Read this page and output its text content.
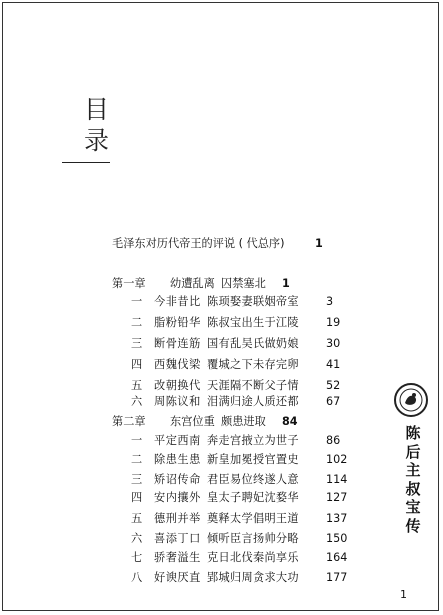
目
录
毛泽东对历代帝王的评说 ( 代总序)	1
第一章 幼遭乱离 囚禁塞北 1
一 今非昔比 陈顼娶妻联姻帝室 3
二 脂粉铅华 陈叔宝出生于江陵 19
三 断骨连筋 国有乱吴氏做奶娘 30
四 西魏伐梁 覆城之下未存完卵 41
五 改朝换代 天涯隔不断父子情 52
六 周陈议和 泪满归途人质还都 67
第二章 东宫位重 颇患进取 84
一 平定西南 奔走宫掖立为世子 86
二 除患生患 新皇加冕授官置史 102
三 矫诏传命 君臣易位终遂人意 114
四 安内攘外 皇太子聘妃沈婺华 127
五 德刑并举 奠释太学倡明王道 137
六 喜添丁口 倾听臣言扬帅分略 150
七 骄奢溢生 克日北伐秦尚享乐 164
八 好谀厌直 郢城归周贪求大功 177
陈后主叔宝传
1
